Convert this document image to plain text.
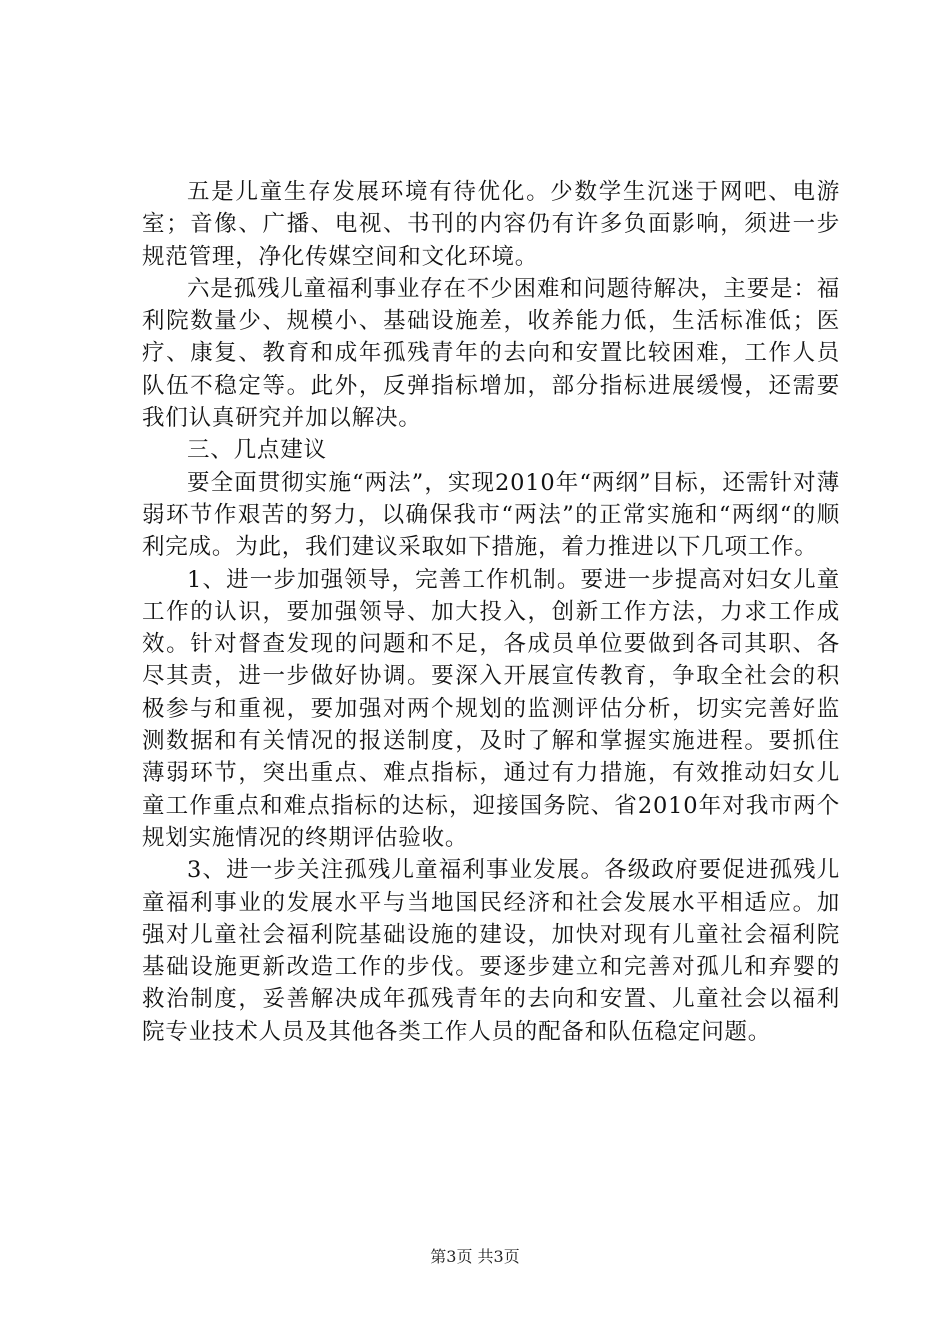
五是儿童生存发展环境有待优化。少数学生沉迷于网吧、电游室；音像、广播、电视、书刊的内容仍有许多负面影响，须进一步规范管理，净化传媒空间和文化环境。

六是孤残儿童福利事业存在不少困难和问题待解决，主要是：福利院数量少、规模小、基础设施差，收养能力低，生活标准低；医疗、康复、教育和成年孤残青年的去向和安置比较困难，工作人员队伍不稳定等。此外，反弹指标增加，部分指标进展缓慢，还需要我们认真研究并加以解决。

三、几点建议

要全面贯彻实施“两法”，实现2010年“两纲”目标，还需针对薄弱环节作艰苦的努力，以确保我市“两法”的正常实施和“两纲“的顺利完成。为此，我们建议采取如下措施，着力推进以下几项工作。

1、进一步加强领导，完善工作机制。要进一步提高对妇女儿童工作的认识，要加强领导、加大投入，创新工作方法，力求工作成效。针对督查发现的问题和不足，各成员单位要做到各司其职、各尽其责，进一步做好协调。要深入开展宣传教育，争取全社会的积极参与和重视，要加强对两个规划的监测评估分析，切实完善好监测数据和有关情况的报送制度，及时了解和掌握实施进程。要抓住薄弱环节，突出重点、难点指标，通过有力措施，有效推动妇女儿童工作重点和难点指标的达标，迎接国务院、省2010年对我市两个规划实施情况的终期评估验收。

3、进一步关注孤残儿童福利事业发展。各级政府要促进孤残儿童福利事业的发展水平与当地国民经济和社会发展水平相适应。加强对儿童社会福利院基础设施的建设，加快对现有儿童社会福利院基础设施更新改造工作的步伐。要逐步建立和完善对孤儿和弃婴的救治制度，妥善解决成年孤残青年的去向和安置、儿童社会以福利院专业技术人员及其他各类工作人员的配备和队伍稳定问题。

第3页 共3页
